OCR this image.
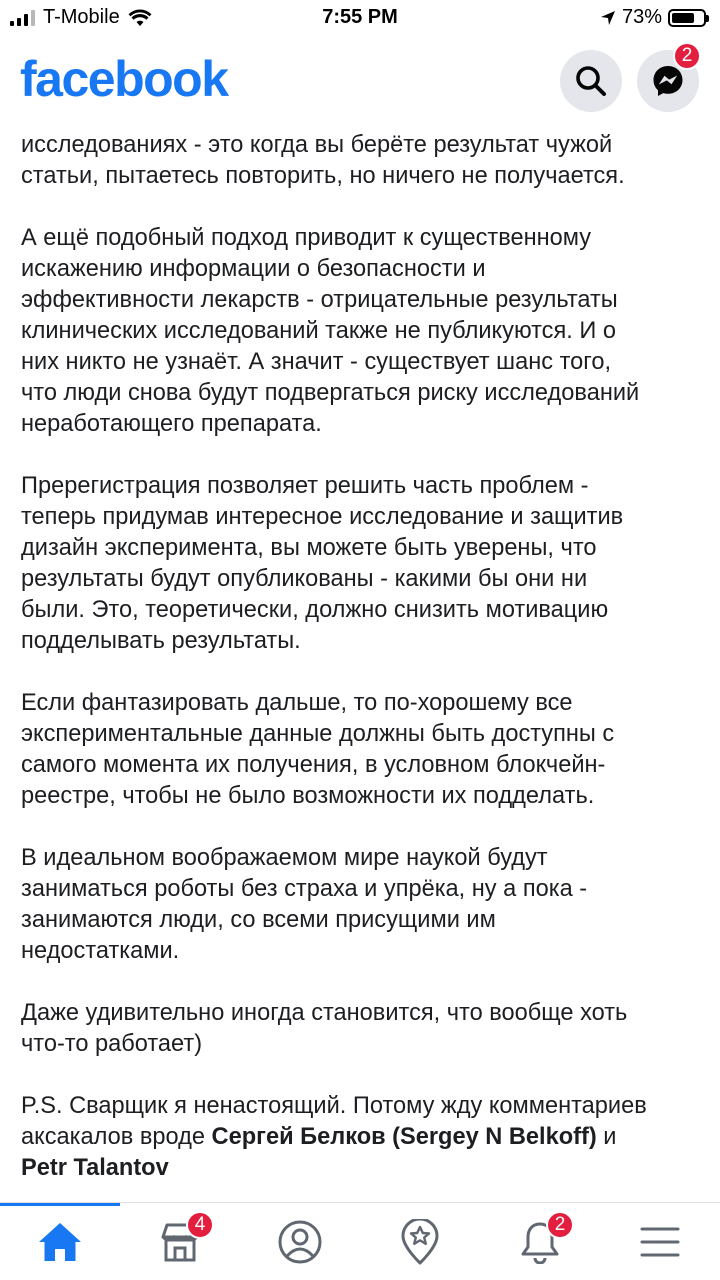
T-Mobile	7:55 PM	73%
facebook	2
исследованиях - это когда вы берёте результат чужой
статьи, пытаетесь повторить, но ничего не получается.
А ещё подобный подход приводит к существенному
искажению информации о безопасности и
эффективности лекарств - отрицательные результаты
клинических исследований также не публикуются. И о
них никто не узнаёт. А значит - существует шанс того,
что люди снова будут подвергаться риску исследований
неработающего препарата.
Пререгистрация позволяет решить часть проблем -
теперь придумав интересное исследование и защитив
дизайн эксперимента, вы можете быть уверены, что
результаты будут опубликованы - какими бы они ни
были. Это, теоретически, должно снизить мотивацию
подделывать результаты.
Если фантазировать дальше, то по-хорошему все
экспериментальные данные должны быть доступны с
самого момента их получения, в условном блокчейн-
реестре, чтобы не было возможности их подделать.
В идеальном воображаемом мире наукой будут
заниматься роботы без страха и упрёка, ну а пока -
занимаются люди, со всеми присущими им
недостатками.
Даже удивительно иногда становится, что вообще хоть
что-то работает)
P.S. Сварщик я ненастоящий. Потому жду комментариев
аксакалов вроде Сергей Белков (Sergey N Belkoff) и
Petr Talantov
4	2
